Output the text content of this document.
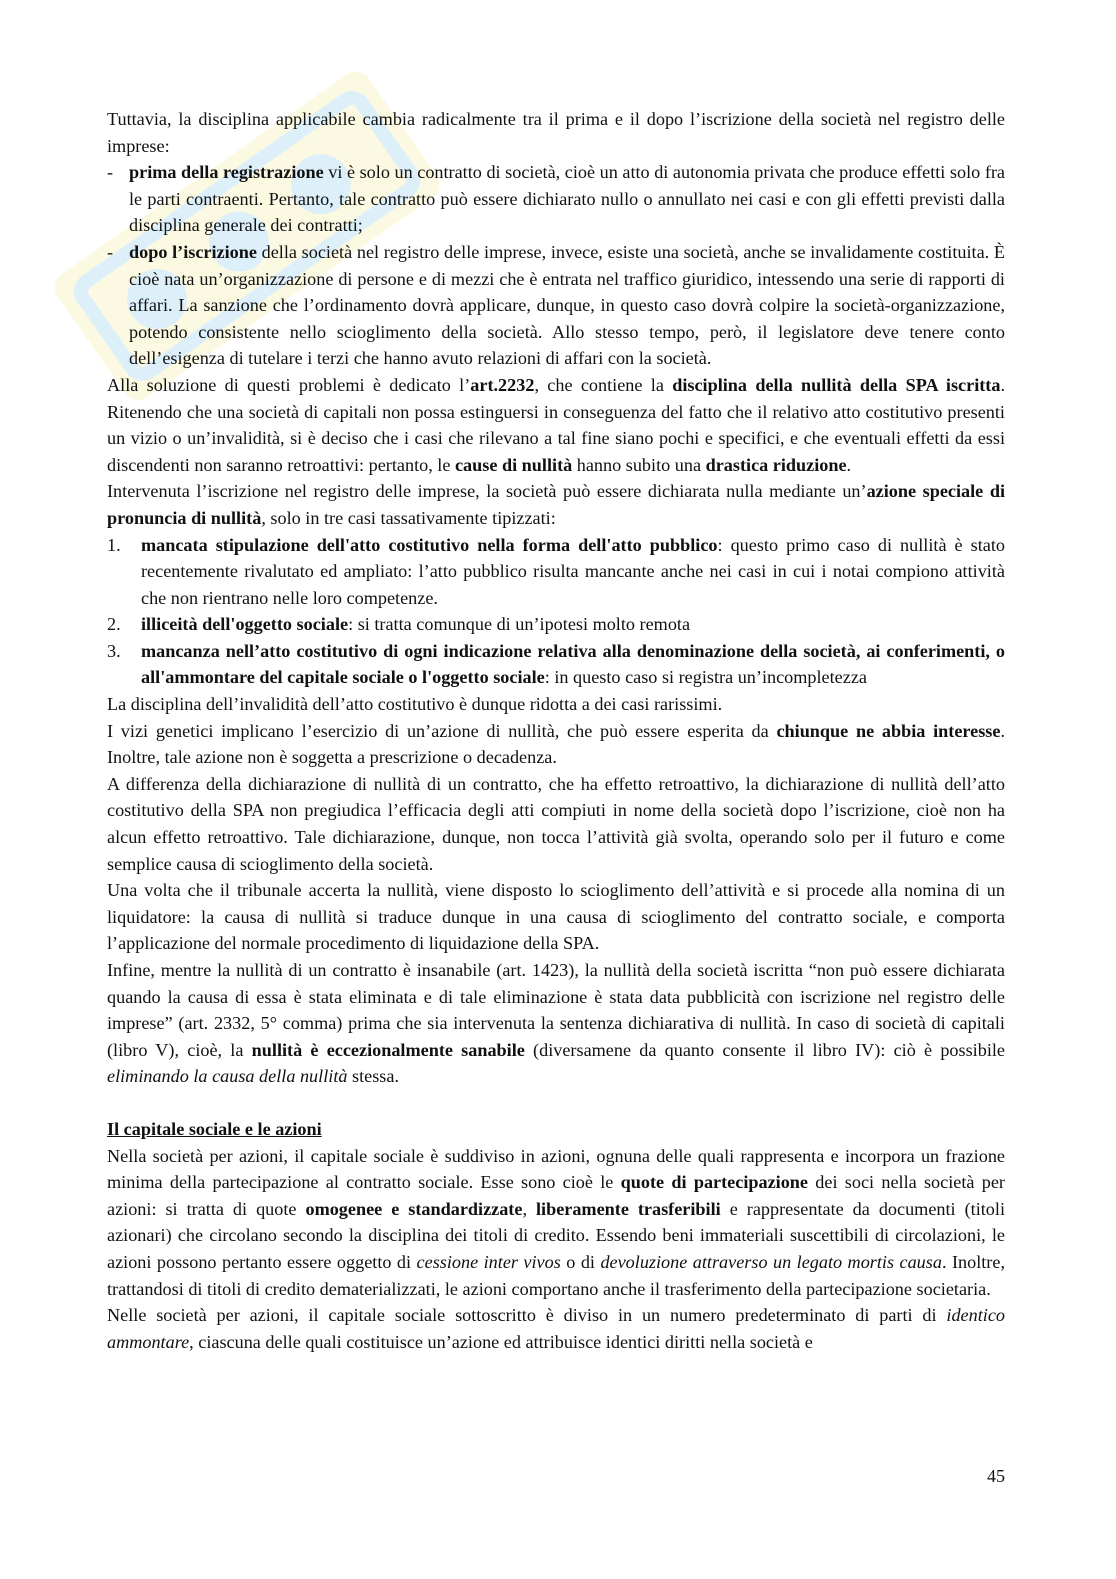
Tuttavia, la disciplina applicabile cambia radicalmente tra il prima e il dopo l’iscrizione della società nel registro delle imprese:

- prima della registrazione vi è solo un contratto di società, cioè un atto di autonomia privata che produce effetti solo fra le parti contraenti. Pertanto, tale contratto può essere dichiarato nullo o annullato nei casi e con gli effetti previsti dalla disciplina generale dei contratti;
- dopo l’iscrizione della società nel registro delle imprese, invece, esiste una società, anche se invalidamente costituita. È cioè nata un’organizzazione di persone e di mezzi che è entrata nel traffico giuridico, intessendo una serie di rapporti di affari. La sanzione che l’ordinamento dovrà applicare, dunque, in questo caso dovrà colpire la società-organizzazione, potendo consistente nello scioglimento della società. Allo stesso tempo, però, il legislatore deve tenere conto dell’esigenza di tutelare i terzi che hanno avuto relazioni di affari con la società.

Alla soluzione di questi problemi è dedicato l’art.2232, che contiene la disciplina della nullità della SPA iscritta. Ritenendo che una società di capitali non possa estinguersi in conseguenza del fatto che il relativo atto costitutivo presenti un vizio o un’invalidità, si è deciso che i casi che rilevano a tal fine siano pochi e specifici, e che eventuali effetti da essi discendenti non saranno retroattivi: pertanto, le cause di nullità hanno subito una drastica riduzione.

Intervenuta l’iscrizione nel registro delle imprese, la società può essere dichiarata nulla mediante un’azione speciale di pronuncia di nullità, solo in tre casi tassativamente tipizzati:

1. mancata stipulazione dell'atto costitutivo nella forma dell'atto pubblico: questo primo caso di nullità è stato recentemente rivalutato ed ampliato: l’atto pubblico risulta mancante anche nei casi in cui i notai compiono attività che non rientrano nelle loro competenze.
2. illiceità dell'oggetto sociale: si tratta comunque di un’ipotesi molto remota
3. mancanza nell’atto costitutivo di ogni indicazione relativa alla denominazione della società, ai conferimenti, o all'ammontare del capitale sociale o l'oggetto sociale: in questo caso si registra un’incompletezza

La disciplina dell’invalidità dell’atto costitutivo è dunque ridotta a dei casi rarissimi.

I vizi genetici implicano l’esercizio di un’azione di nullità, che può essere esperita da chiunque ne abbia interesse. Inoltre, tale azione non è soggetta a prescrizione o decadenza.

A differenza della dichiarazione di nullità di un contratto, che ha effetto retroattivo, la dichiarazione di nullità dell’atto costitutivo della SPA non pregiudica l’efficacia degli atti compiuti in nome della società dopo l’iscrizione, cioè non ha alcun effetto retroattivo. Tale dichiarazione, dunque, non tocca l’attività già svolta, operando solo per il futuro e come semplice causa di scioglimento della società.

Una volta che il tribunale accerta la nullità, viene disposto lo scioglimento dell’attività e si procede alla nomina di un liquidatore: la causa di nullità si traduce dunque in una causa di scioglimento del contratto sociale, e comporta l’applicazione del normale procedimento di liquidazione della SPA.

Infine, mentre la nullità di un contratto è insanabile (art. 1423), la nullità della società iscritta “non può essere dichiarata quando la causa di essa è stata eliminata e di tale eliminazione è stata data pubblicità con iscrizione nel registro delle imprese” (art. 2332, 5° comma) prima che sia intervenuta la sentenza dichiarativa di nullità. In caso di società di capitali (libro V), cioè, la nullità è eccezionalmente sanabile (diversamene da quanto consente il libro IV): ciò è possibile eliminando la causa della nullità stessa.

Il capitale sociale e le azioni

Nella società per azioni, il capitale sociale è suddiviso in azioni, ognuna delle quali rappresenta e incorpora un frazione minima della partecipazione al contratto sociale. Esse sono cioè le quote di partecipazione dei soci nella società per azioni: si tratta di quote omogenee e standardizzate, liberamente trasferibili e rappresentate da documenti (titoli azionari) che circolano secondo la disciplina dei titoli di credito. Essendo beni immateriali suscettibili di circolazioni, le azioni possono pertanto essere oggetto di cessione inter vivos o di devoluzione attraverso un legato mortis causa. Inoltre, trattandosi di titoli di credito dematerializzati, le azioni comportano anche il trasferimento della partecipazione societaria.

Nelle società per azioni, il capitale sociale sottoscritto è diviso in un numero predeterminato di parti di identico ammontare, ciascuna delle quali costituisce un’azione ed attribuisce identici diritti nella società e

45
